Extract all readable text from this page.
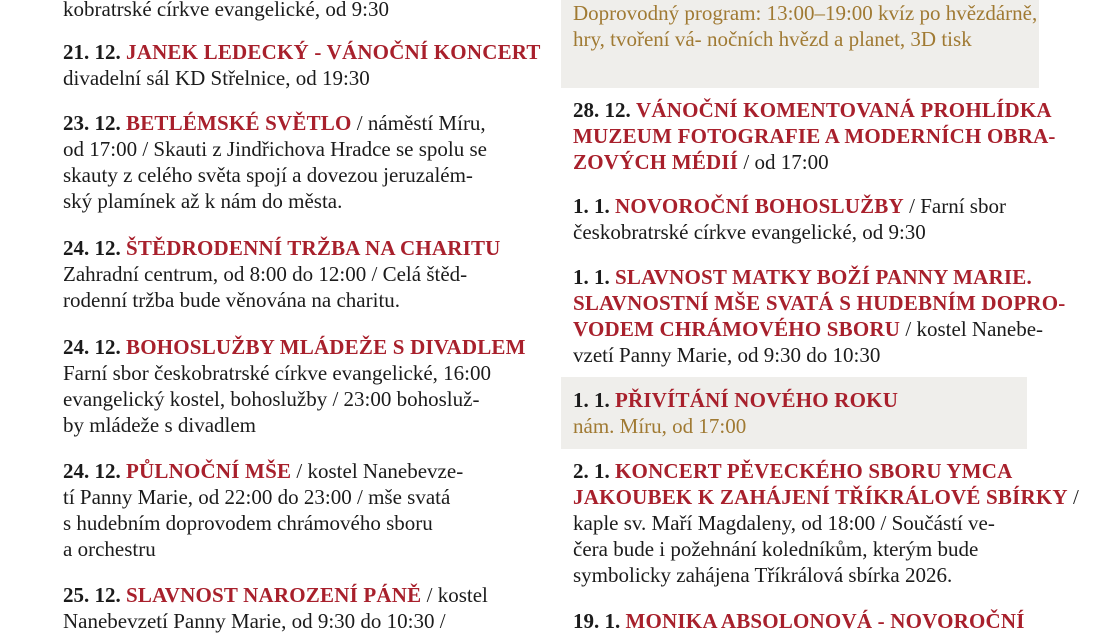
kobratrské církve evangelické, od 9:30
21. 12. JANEK LEDECKÝ - VÁNOČNÍ KONCERT
divadelní sál KD Střelnice, od 19:30
23. 12. BETLÉMSKÉ SVĚTLO / náměstí Míru,
od 17:00 / Skauti z Jindřichova Hradce se spolu se
skauty z celého světa spojí a dovezou jeruzalém-
ský plamínek až k nám do města.
24. 12. ŠTĚDRODENNÍ TRŽBA NA CHARITU
Zahradní centrum, od 8:00 do 12:00 / Celá štěd-
rodenní tržba bude věnována na charitu.
24. 12. BOHOSLUŽBY MLÁDEŽE S DIVADLEM
Farní sbor českobratrské církve evangelické, 16:00
evangelický kostel, bohoslužby / 23:00 bohosluž-
by mládeže s divadlem
24. 12. PŮLNOČNÍ MŠE / kostel Nanebevze-
tí Panny Marie, od 22:00 do 23:00 / mše svatá
s hudebním doprovodem chrámového sboru
a orchestru
25. 12. SLAVNOST NAROZENÍ PÁNĚ / kostel
Nanebevzetí Panny Marie, od 9:30 do 10:30 /
Doprovodný program: 13:00–19:00 kvíz po hvězdárně, hry, tvoření vá- nočních hvězd a planet, 3D tisk
28. 12. VÁNOČNÍ KOMENTOVANÁ PROHLÍDKA
MUZEUM FOTOGRAFIE A MODERNÍCH OBRA-
ZOVÝCH MÉDIÍ / od 17:00
1. 1. NOVOROČNÍ BOHOSLUŽBY / Farní sbor
českobratrské církve evangelické, od 9:30
1. 1. SLAVNOST MATKY BOŽÍ PANNY MARIE.
SLAVNOSTNÍ MŠE SVATÁ S HUDEBNÍM DOPRO-
VODEM CHRÁMOVÉHO SBORU / kostel Nanebe-
vzetí Panny Marie, od 9:30 do 10:30
1. 1. PŘIVÍTÁNÍ NOVÉHO ROKU
nám. Míru, od 17:00
2. 1. KONCERT PĚVECKÉHO SBORU YMCA
JAKOUBEK K ZAHÁJENÍ TŘÍKRÁLOVÉ SBÍRKY /
kaple sv. Maří Magdaleny, od 18:00 / Součástí ve-
čera bude i požehnání koledníkům, kterým bude
symbolicky zahájena Tříkrálová sbírka 2026.
19. 1. MONIKA ABSOLONOVÁ - NOVOROČNÍ
